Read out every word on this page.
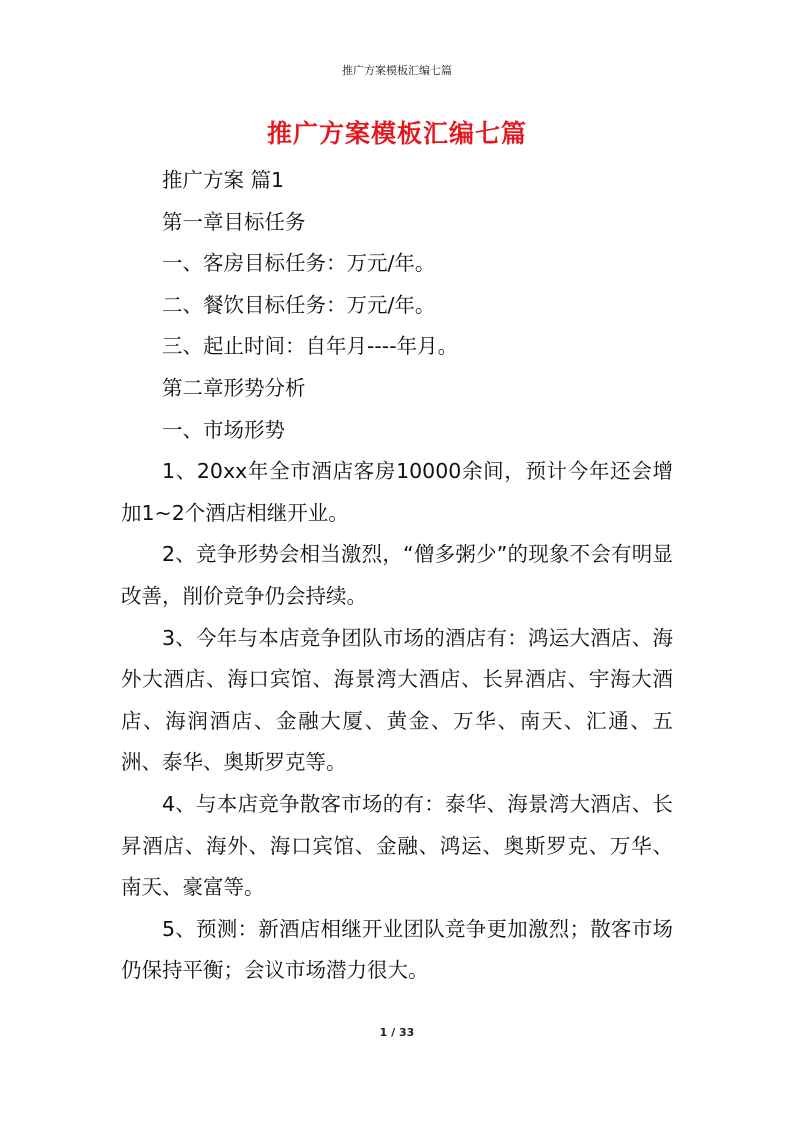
推广方案模板汇编七篇
推广方案模板汇编七篇

推广方案 篇1

第一章目标任务

一、客房目标任务：万元/年。

二、餐饮目标任务：万元/年。

三、起止时间：自年月----年月。

第二章形势分析

一、市场形势

1、20xx年全市酒店客房10000余间，预计今年还会增加1~2个酒店相继开业。

2、竞争形势会相当激烈，“僧多粥少”的现象不会有明显改善，削价竞争仍会持续。

3、今年与本店竞争团队市场的酒店有：鸿运大酒店、海外大酒店、海口宾馆、海景湾大酒店、长昇酒店、宇海大酒店、海润酒店、金融大厦、黄金、万华、南天、汇通、五洲、泰华、奥斯罗克等。

4、与本店竞争散客市场的有：泰华、海景湾大酒店、长昇酒店、海外、海口宾馆、金融、鸿运、奥斯罗克、万华、南天、豪富等。

5、预测：新酒店相继开业团队竞争更加激烈；散客市场仍保持平衡；会议市场潜力很大。

1 / 33
